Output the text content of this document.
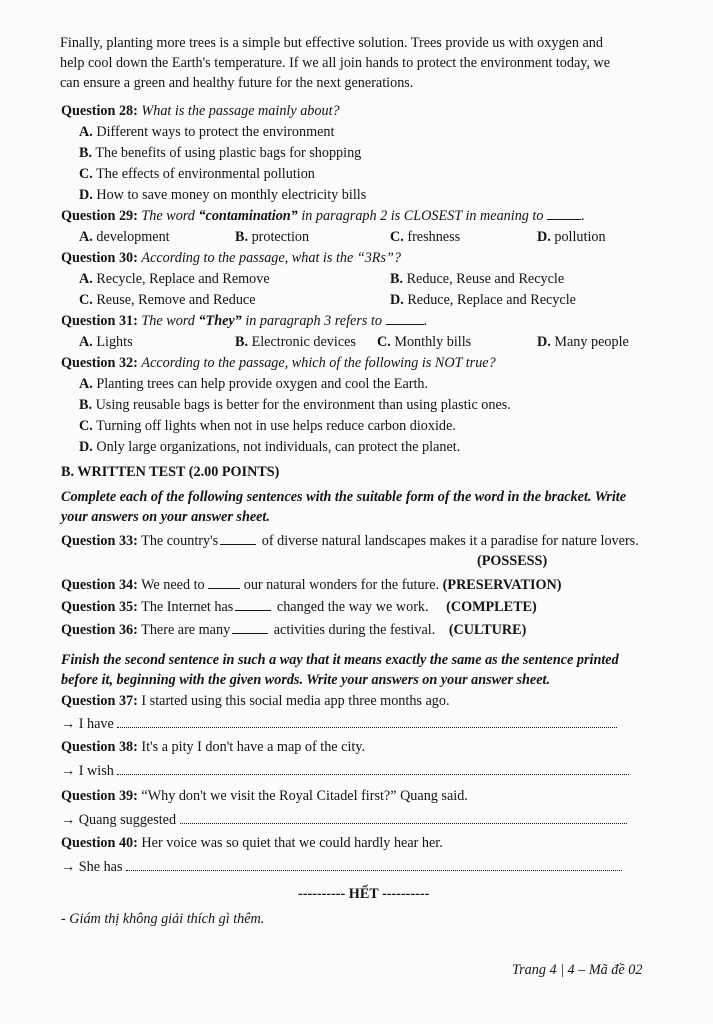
Finally, planting more trees is a simple but effective solution. Trees provide us with oxygen and
help cool down the Earth's temperature. If we all join hands to protect the environment today, we
can ensure a green and healthy future for the next generations.
Question 28: What is the passage mainly about?
A. Different ways to protect the environment
B. The benefits of using plastic bags for shopping
C. The effects of environmental pollution
D. How to save money on monthly electricity bills
Question 29: The word “contamination” in paragraph 2 is CLOSEST in meaning to	.
A. development	B. protection	C. freshness	D. pollution
Question 30: According to the passage, what is the “3Rs”?
A. Recycle, Replace and Remove	B. Reduce, Reuse and Recycle
C. Reuse, Remove and Reduce	D. Reduce, Replace and Recycle
Question 31: The word “They” in paragraph 3 refers to	.
A. Lights	B. Electronic devices C. Monthly bills	D. Many people
Question 32: According to the passage, which of the following is NOT true?
A. Planting trees can help provide oxygen and cool the Earth.
B. Using reusable bags is better for the environment than using plastic ones.
C. Turning off lights when not in use helps reduce carbon dioxide.
D. Only large organizations, not individuals, can protect the planet.
B. WRITTEN TEST (2.00 POINTS)
Complete each of the following sentences with the suitable form of the word in the bracket. Write
your answers on your answer sheet.
Question 33: The country's	of diverse natural landscapes makes it a paradise for nature lovers.
(POSSESS)
Question 34: We need to	our natural wonders for the future. (PRESERVATION)
Question 35: The Internet has	changed the way we work. (COMPLETE)
Question 36: There are many	activities during the festival. (CULTURE)
Finish the second sentence in such a way that it means exactly the same as the sentence printed
before it, beginning with the given words. Write your answers on your answer sheet.
Question 37: I started using this social media app three months ago.
→ I have
Question 38: It's a pity I don't have a map of the city.
→ I wish
Question 39: “Why don't we visit the Royal Citadel first?” Quang said.
→ Quang suggested
Question 40: Her voice was so quiet that we could hardly hear her.
→ She has
---------- HẾT ----------
- Giám thị không giải thích gì thêm.
Trang 4 | 4 – Mã đề 02
